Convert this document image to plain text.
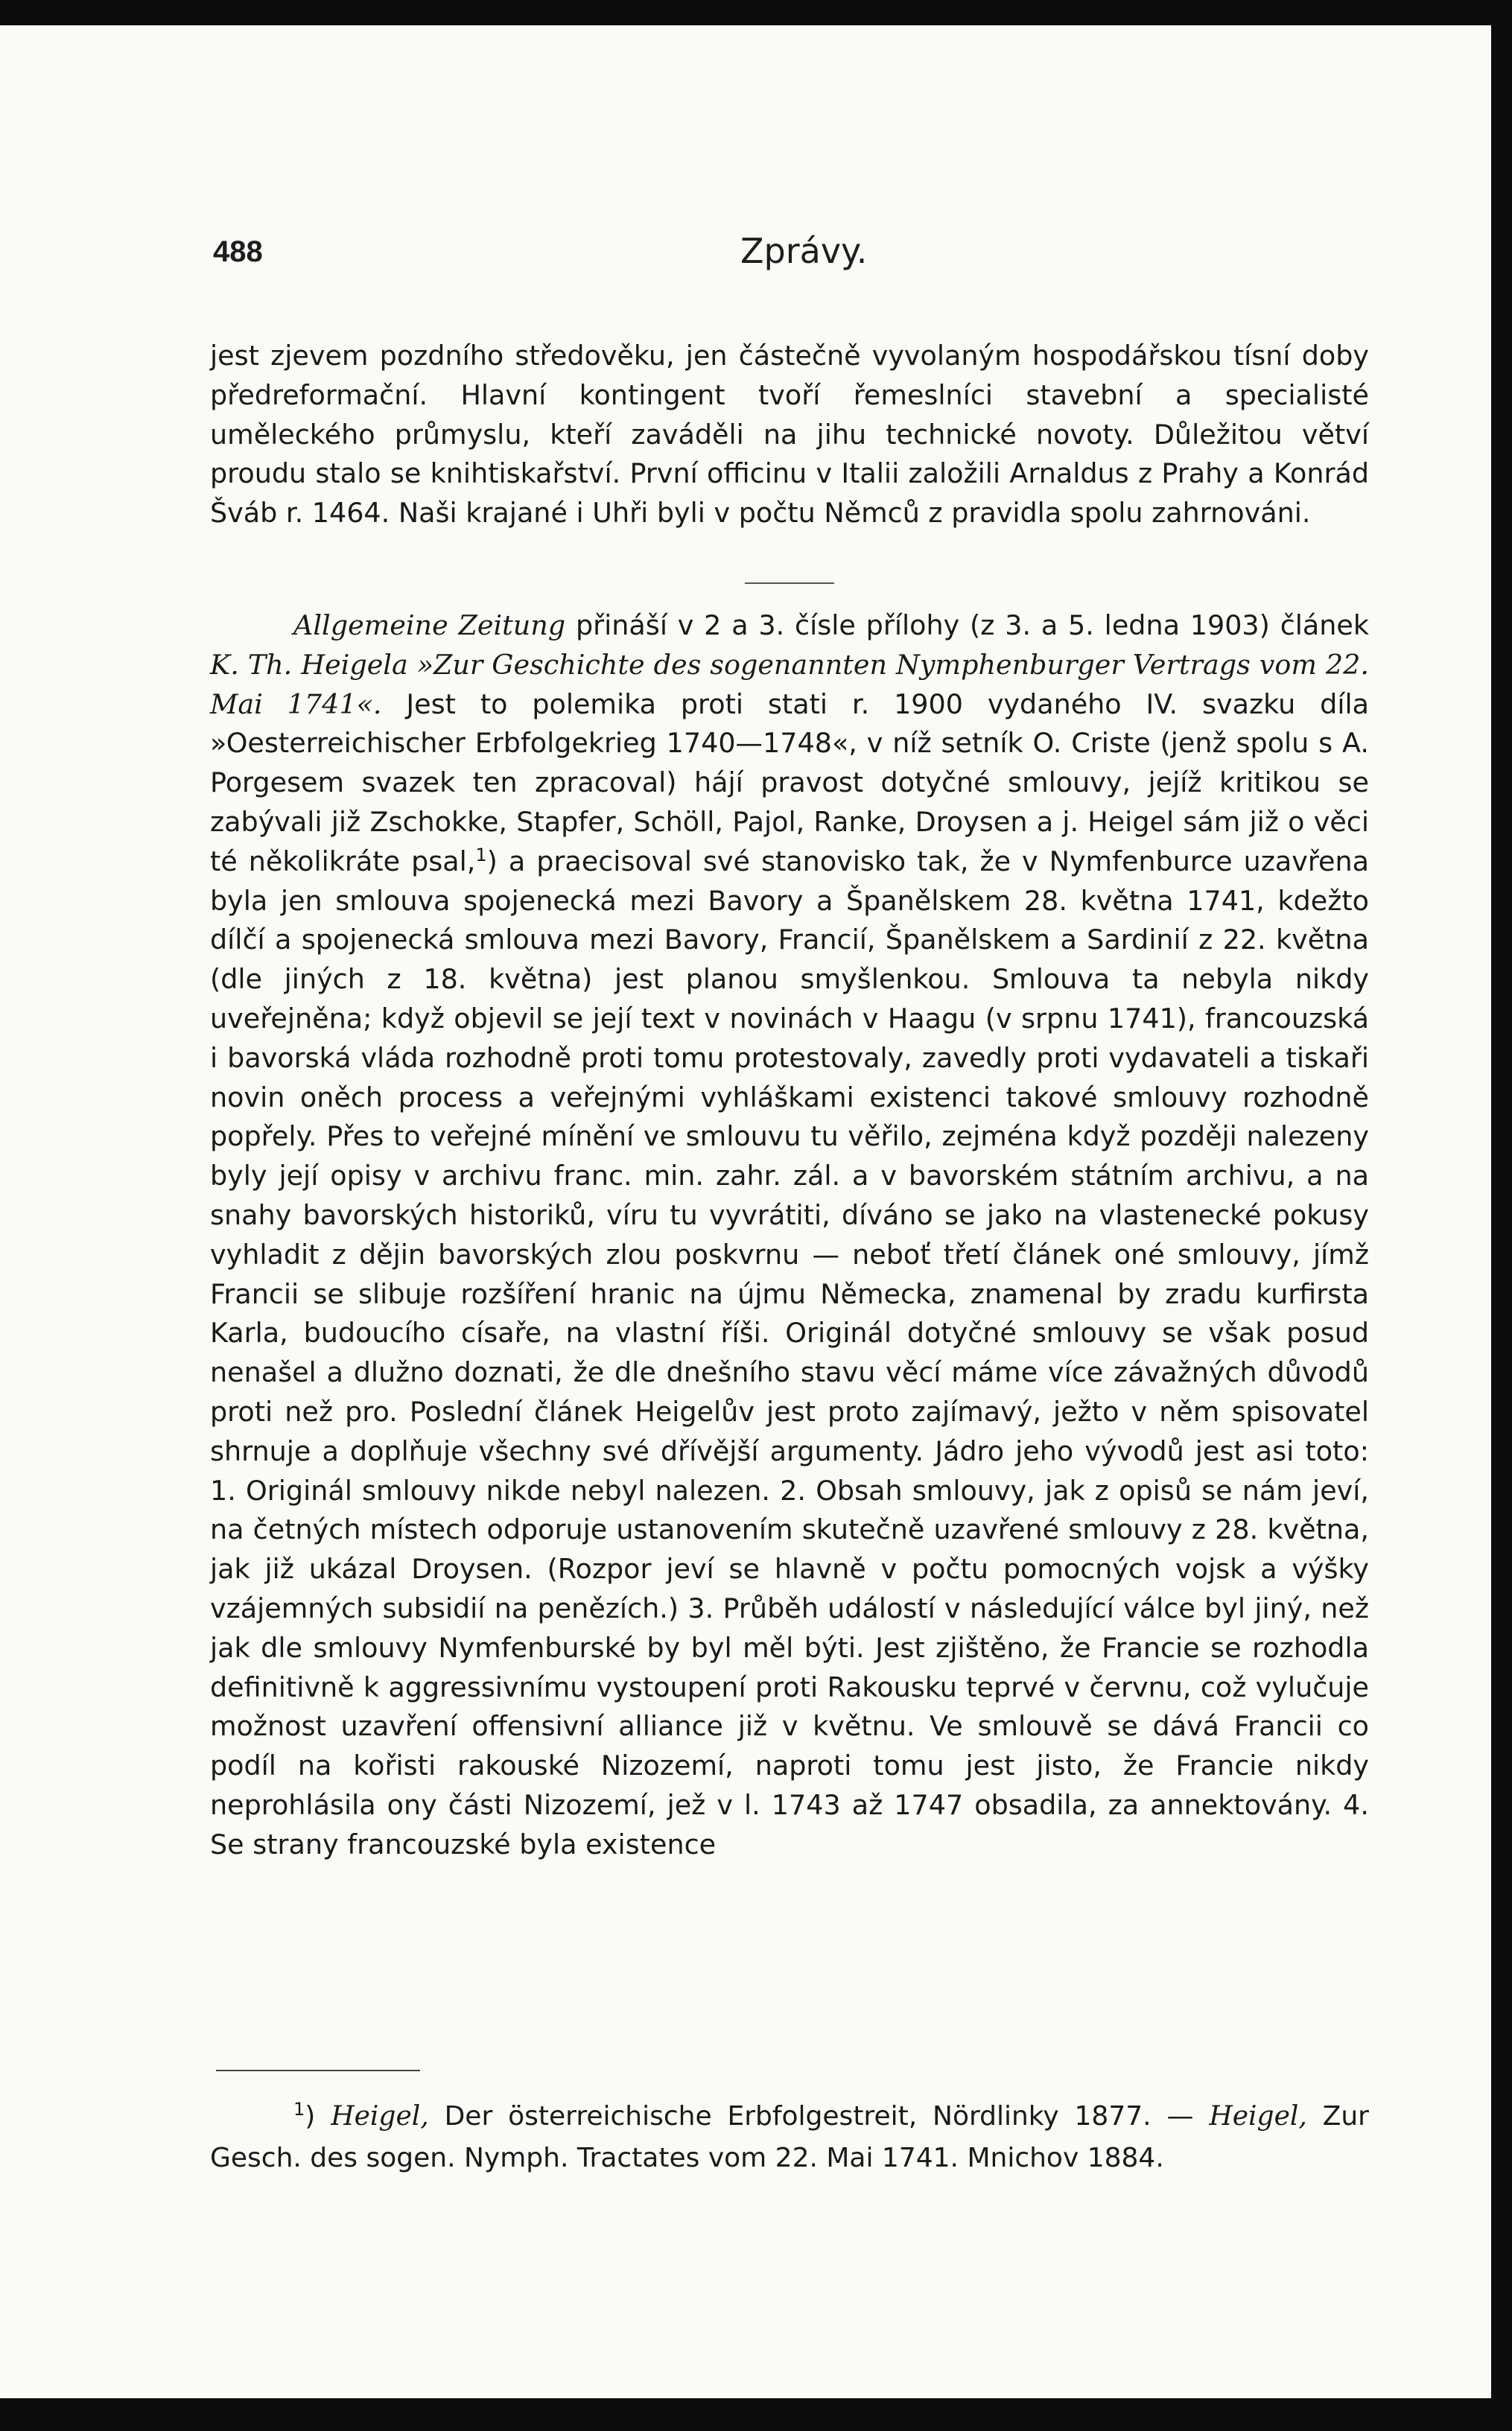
488	Zprávy.
jest zjevem pozdního středověku, jen částečně vyvolaným hospodářskou tísní doby předreformační. Hlavní kontingent tvoří řemeslníci stavební a specialisté uměleckého průmyslu, kteří zaváděli na jihu technické novoty. Důležitou větví proudu stalo se knihtiskařství. První officinu v Italii založili Arnaldus z Prahy a Konrád Šváb r. 1464. Naši krajané i Uhři byli v počtu Němců z pravidla spolu zahrnováni.
Allgemeine Zeitung přináší v 2 a 3. čísle přílohy (z 3. a 5. ledna 1903) článek K. Th. Heigela »Zur Geschichte des sogenannten Nymphenburger Vertrags vom 22. Mai 1741«. Jest to polemika proti stati r. 1900 vydaného IV. svazku díla »Oesterreichischer Erbfolgekrieg 1740—1748«, v níž setník O. Criste (jenž spolu s A. Porgesem svazek ten zpracoval) hájí pravost dotyčné smlouvy, jejíž kritikou se zabývali již Zschokke, Stapfer, Schöll, Pajol, Ranke, Droysen a j. Heigel sám již o věci té několikráte psal,$^1$) a praecisoval své stanovisko tak, že v Nymfenburce uzavřena byla jen smlouva spojenecká mezi Bavory a Španělskem 28. května 1741, kdežto dílčí a spojenecká smlouva mezi Bavory, Francií, Španělskem a Sardinií z 22. května (dle jiných z 18. května) jest planou smyšlenkou. Smlouva ta nebyla nikdy uveřejněna; když objevil se její text v novinách v Haagu (v srpnu 1741), francouzská i bavorská vláda rozhodně proti tomu protestovaly, zavedly proti vydavateli a tiskaři novin oněch process a veřejnými vyhláškami existenci takové smlouvy rozhodně popřely. Přes to veřejné mínění ve smlouvu tu věřilo, zejména když později nalezeny byly její opisy v archivu franc. min. zahr. zál. a v bavorském státním archivu, a na snahy bavorských historiků, víru tu vyvrátiti, díváno se jako na vlastenecké pokusy vyhladit z dějin bavorských zlou poskvrnu — neboť třetí článek oné smlouvy, jímž Francii se slibuje rozšíření hranic na újmu Německa, znamenal by zradu kurfirsta Karla, budoucího císaře, na vlastní říši. Originál dotyčné smlouvy se však posud nenašel a dlužno doznati, že dle dnešního stavu věcí máme více závažných důvodů proti než pro. Poslední článek Heigelův jest proto zajímavý, ježto v něm spisovatel shrnuje a doplňuje všechny své dřívější argumenty. Jádro jeho vývodů jest asi toto: 1. Originál smlouvy nikde nebyl nalezen. 2. Obsah smlouvy, jak z opisů se nám jeví, na četných místech odporuje ustanovením skutečně uzavřené smlouvy z 28. května, jak již ukázal Droysen. (Rozpor jeví se hlavně v počtu pomocných vojsk a výšky vzájemných subsidií na penězích.) 3. Průběh událostí v následující válce byl jiný, než jak dle smlouvy Nymfenburské by byl měl býti. Jest zjištěno, že Francie se rozhodla definitivně k aggressivnímu vystoupení proti Rakousku teprvé v červnu, což vylučuje možnost uzavření offensivní alliance již v květnu. Ve smlouvě se dává Francii co podíl na kořisti rakouské Nizozemí, naproti tomu jest jisto, že Francie nikdy neprohlásila ony části Nizozemí, jež v l. 1743 až 1747 obsadila, za annektovány. 4. Se strany francouzské byla existence
$^1$) Heigel, Der österreichische Erbfolgestreit, Nördlinky 1877. — Heigel, Zur Gesch. des sogen. Nymph. Tractates vom 22. Mai 1741. Mnichov 1884.
